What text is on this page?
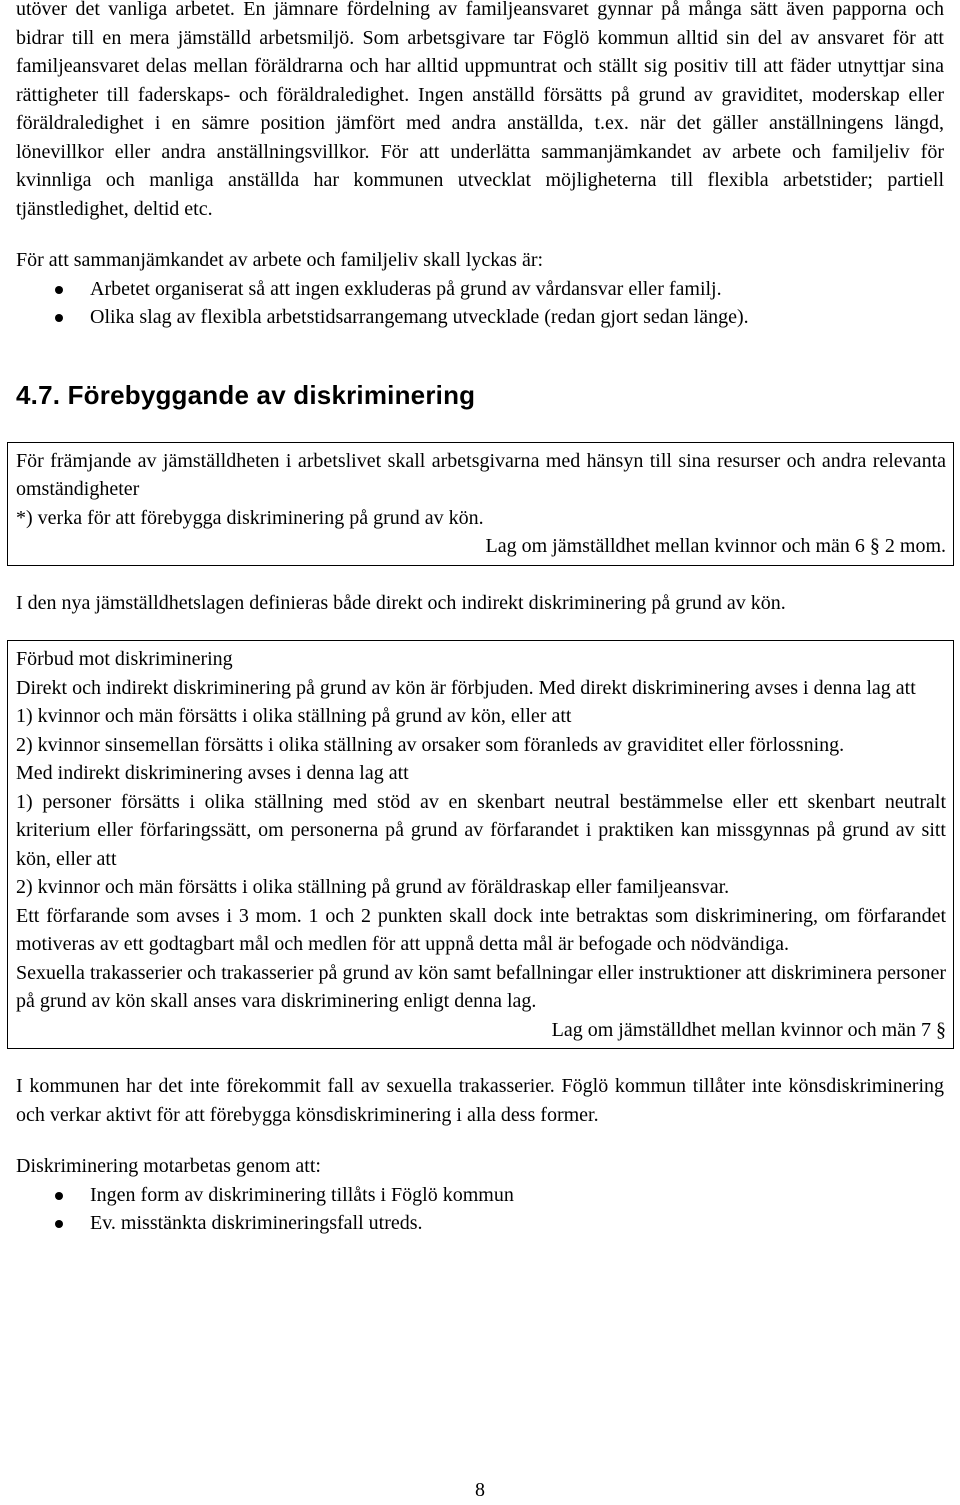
utöver det vanliga arbetet. En jämnare fördelning av familjeansvaret gynnar på många sätt även papporna och bidrar till en mera jämställd arbetsmiljö. Som arbetsgivare tar Föglö kommun alltid sin del av ansvaret för att familjeansvaret delas mellan föräldrarna och har alltid uppmuntrat och ställt sig positiv till att fäder utnyttjar sina rättigheter till faderskaps- och föräldraledighet. Ingen anställd försätts på grund av graviditet, moderskap eller föräldraledighet i en sämre position jämfört med andra anställda, t.ex. när det gäller anställningens längd, lönevillkor eller andra anställningsvillkor. För att underlätta sammanjämkandet av arbete och familjeliv för kvinnliga och manliga anställda har kommunen utvecklat möjligheterna till flexibla arbetstider; partiell tjänstledighet, deltid etc.

För att sammanjämkandet av arbete och familjeliv skall lyckas är:

Arbetet organiserat så att ingen exkluderas på grund av vårdansvar eller familj.
Olika slag av flexibla arbetstidsarrangemang utvecklade (redan gjort sedan länge).
4.7. Förebyggande av diskriminering

För främjande av jämställdheten i arbetslivet skall arbetsgivarna med hänsyn till sina resurser och andra relevanta omständigheter

*) verka för att förebygga diskriminering på grund av kön.

Lag om jämställdhet mellan kvinnor och män 6 § 2 mom.

I den nya jämställdhetslagen definieras både direkt och indirekt diskriminering på grund av kön.

Förbud mot diskriminering

Direkt och indirekt diskriminering på grund av kön är förbjuden. Med direkt diskriminering avses i denna lag att

1) kvinnor och män försätts i olika ställning på grund av kön, eller att

2) kvinnor sinsemellan försätts i olika ställning av orsaker som föranleds av graviditet eller förlossning.

Med indirekt diskriminering avses i denna lag att

1) personer försätts i olika ställning med stöd av en skenbart neutral bestämmelse eller ett skenbart neutralt kriterium eller förfaringssätt, om personerna på grund av förfarandet i praktiken kan missgynnas på grund av sitt kön, eller att

2) kvinnor och män försätts i olika ställning på grund av föräldraskap eller familjeansvar.

Ett förfarande som avses i 3 mom. 1 och 2 punkten skall dock inte betraktas som diskriminering, om förfarandet motiveras av ett godtagbart mål och medlen för att uppnå detta mål är befogade och nödvändiga.

Sexuella trakasserier och trakasserier på grund av kön samt befallningar eller instruktioner att diskriminera personer på grund av kön skall anses vara diskriminering enligt denna lag.

Lag om jämställdhet mellan kvinnor och män 7 §

I kommunen har det inte förekommit fall av sexuella trakasserier. Föglö kommun tillåter inte könsdiskriminering och verkar aktivt för att förebygga könsdiskriminering i alla dess former.

Diskriminering motarbetas genom att:

Ingen form av diskriminering tillåts i Föglö kommun
Ev. misstänkta diskrimineringsfall utreds.
8
